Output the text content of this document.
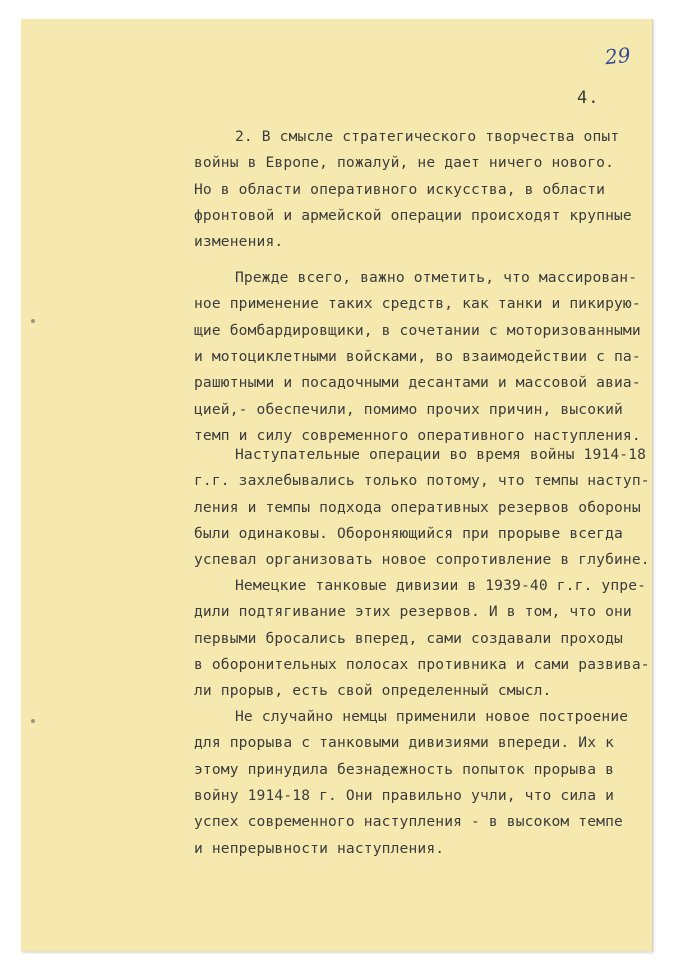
29
4.
2. В смысле стратегического творчества опыт
войны в Европе, пожалуй, не дает ничего нового.
Но в области оперативного искусства, в области
фронтовой и армейской операции происходят крупные
изменения.
Прежде всего, важно отметить, что массирован-
ное применение таких средств, как танки и пикирую-
щие бомбардировщики, в сочетании с моторизованными
и мотоциклетными войсками, во взаимодействии с па-
рашютными и посадочными десантами и массовой авиа-
цией,- обеспечили, помимо прочих причин, высокий
темп и силу современного оперативного наступления.
Наступательные операции во время войны 1914-18
г.г. захлебывались только потому, что темпы наступ-
ления и темпы подхода оперативных резервов обороны
были одинаковы. Обороняющийся при прорыве всегда
успевал организовать новое сопротивление в глубине.
Немецкие танковые дивизии в 1939-40 г.г. упре-
дили подтягивание этих резервов. И в том, что они
первыми бросались вперед, сами создавали проходы
в оборонительных полосах противника и сами развива-
ли прорыв, есть свой определенный смысл.
Не случайно немцы применили новое построение
для прорыва с танковыми дивизиями впереди. Их к
этому принудила безнадежность попыток прорыва в
войну 1914-18 г. Они правильно учли, что сила и
успех современного наступления - в высоком темпе
и непрерывности наступления.
